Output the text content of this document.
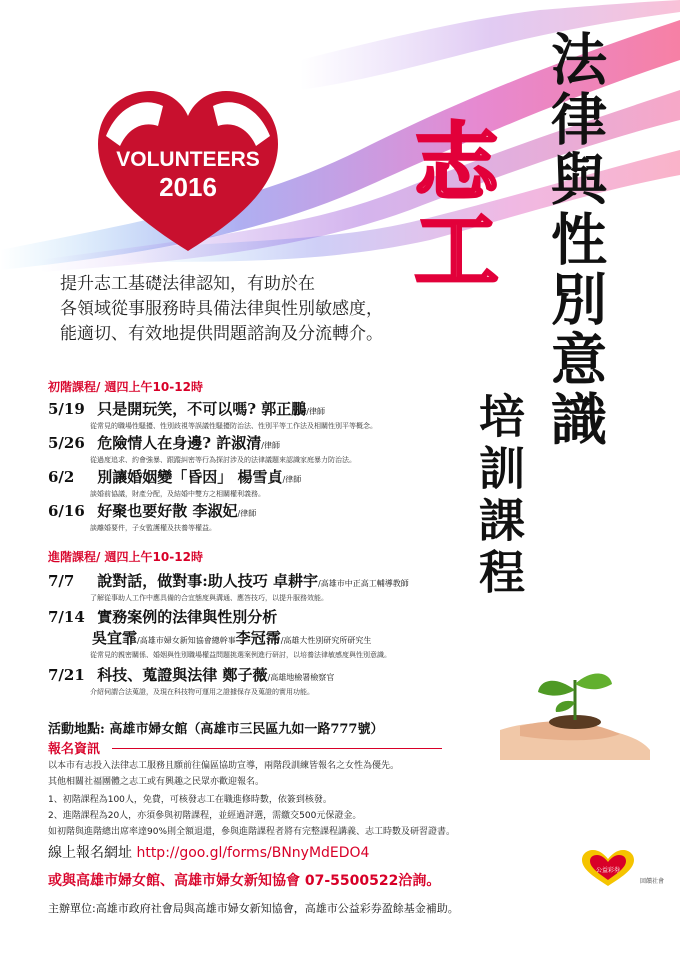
VOLUNTEERS
2016	法律與性別意識
志工
培訓課程
提升志工基礎法律認知，有助於在
各領域從事服務時具備法律與性別敏感度，
能適切、有效地提供問題諮詢及分流轉介。
初階課程/ 週四上午10-12時
5/19 只是開玩笑，不可以嗎? 郭正鵬/律師
從常見的職場性騷擾、性別歧視等誤議性騷擾防治法、性別平等工作法及相關性別平等概念。
5/26 危險情人在身邊? 許淑清/律師
從過度追求、約會強暴、跟蹤糾密等行為探討涉及的法律議題來認識家庭暴力防治法。
6/2 別讓婚姻變「昏因」 楊雪貞/律師
談婚前協議，財產分配，及結婚中雙方之相關權利義務。
6/16 好聚也要好散 李淑妃/律師
談離婚要件，子女監護權及扶養等權益。
進階課程/ 週四上午10-12時
7/7 說對話，做對事:助人技巧 卓耕宇/高雄市中正高工輔導教師
了解從事助人工作中應具備的合宜態度與溝通、應答技巧，以提升服務效能。
7/14 實務案例的法律與性別分析
吳宜霏/高雄市婦女新知協會總幹事李冠霈/高雄大性別研究所研究生
從常見的親密關係、婚姻與性別職場權益問題挑選案例進行研討，以培養法律敏感度與性別意識。
7/21 科技、蒐證與法律 鄭子薇/高雄地檢署檢察官
介紹伺謂合法蒐證，及現在科技物可運用之證據保存及蒐證的實用功能。
活動地點: 高雄市婦女館（高雄市三民區九如一路777號）
報名資訊
以本市有志投入法律志工服務且願前往偏區協助宣導，兩階段訓練皆報名之女性為優先。
其他相關社福團體之志工或有興趣之民眾亦歡迎報名。
1、初階課程為100人，免費，可核發志工在職進修時數，依簽到核發。
2、進階課程為20人，亦須參與初階課程，並經過評選，需繳交500元保證金。
如初階與進階總出席率達90%則全額退還，參與進階課程者將有完整課程講義、志工時數及研習證書。
線上報名網址 http://goo.gl/forms/BNnyMdEDO4
或與高雄市婦女館、高雄市婦女新知協會 07-5500522洽詢。
主辦單位:高雄市政府社會局與高雄市婦女新知協會，高雄市公益彩券盈餘基金補助。
公益彩券
回饋社會
